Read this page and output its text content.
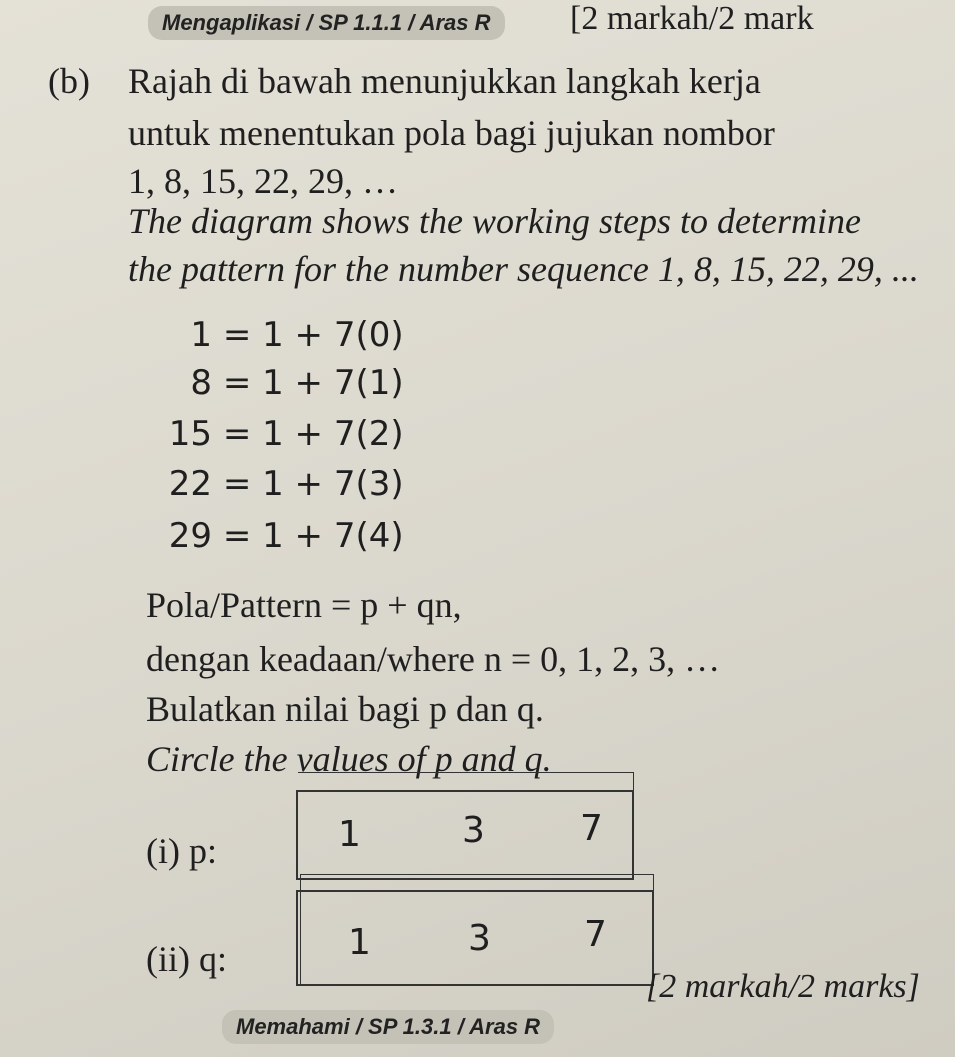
Mengaplikasi / SP 1.1.1 / Aras R	[2 markah/2 mark
(b) Rajah di bawah menunjukkan langkah kerja
untuk menentukan pola bagi jujukan nombor
1, 8, 15, 22, 29, …
The diagram shows the working steps to determine
the pattern for the number sequence 1, 8, 15, 22, 29, ...
1 = 1 + 7(0)
8 = 1 + 7(1)
15 = 1 + 7(2)
22 = 1 + 7(3)
29 = 1 + 7(4)
Pola/Pattern = p + qn,
dengan keadaan/where n = 0, 1, 2, 3, …
Bulatkan nilai bagi p dan q.
Circle the values of p and q.
(i) p:	1	3	7
(ii) q:	1	3	7
Memahami / SP 1.3.1 / Aras R
[2 markah/2 marks]
